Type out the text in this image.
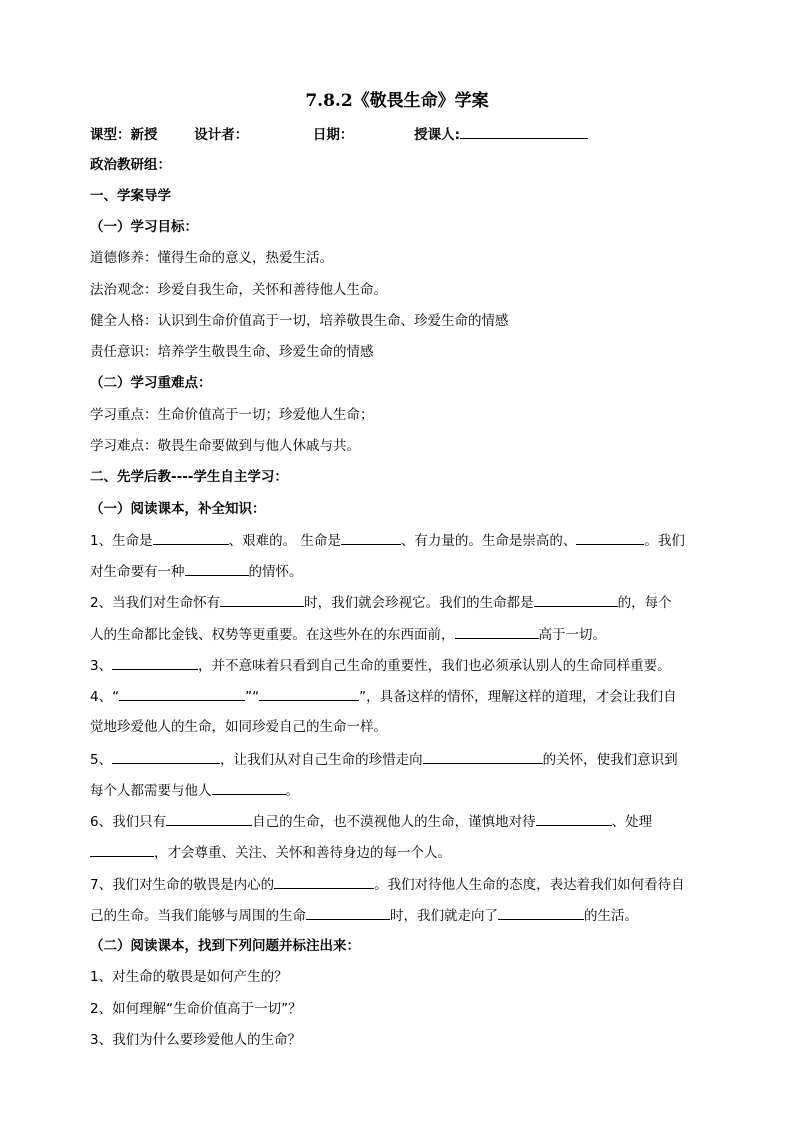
7.8.2《敬畏生命》学案
课型：新授	设计者：	日期：	授课人:
政治教研组：
一、学案导学
（一）学习目标：
道德修养：懂得生命的意义，热爱生活。
法治观念：珍爱自我生命，关怀和善待他人生命。
健全人格：认识到生命价值高于一切，培养敬畏生命、珍爱生命的情感
责任意识：培养学生敬畏生命、珍爱生命的情感
（二）学习重难点：
学习重点：生命价值高于一切；珍爱他人生命；
学习难点：敬畏生命要做到与他人休戚与共。
二、先学后教----学生自主学习：
（一）阅读课本，补全知识：
1、生命是	、艰难的。 生命是	、有力量的。生命是崇高的、	。我们
对生命要有一种	的情怀。
2、当我们对生命怀有	时，我们就会珍视它。我们的生命都是	的，每个
人的生命都比金钱、权势等更重要。在这些外在的东西面前，	高于一切。
3、	，并不意味着只看到自己生命的重要性，我们也必须承认别人的生命同样重要。
4、“	”“	”，具备这样的情怀，理解这样的道理，才会让我们自
觉地珍爱他人的生命，如同珍爱自己的生命一样。
5、	，让我们从对自己生命的珍惜走向	的关怀，使我们意识到
每个人都需要与他人	。
6、我们只有	自己的生命，也不漠视他人的生命，谨慎地对待	、处理
，才会尊重、关注、关怀和善待身边的每一个人。
7、我们对生命的敬畏是内心的	。我们对待他人生命的态度，表达着我们如何看待自
己的生命。当我们能够与周围的生命	时，我们就走向了	的生活。
（二）阅读课本，找到下列问题并标注出来：
1、对生命的敬畏是如何产生的？
2、如何理解“生命价值高于一切”？
3、我们为什么要珍爱他人的生命？
